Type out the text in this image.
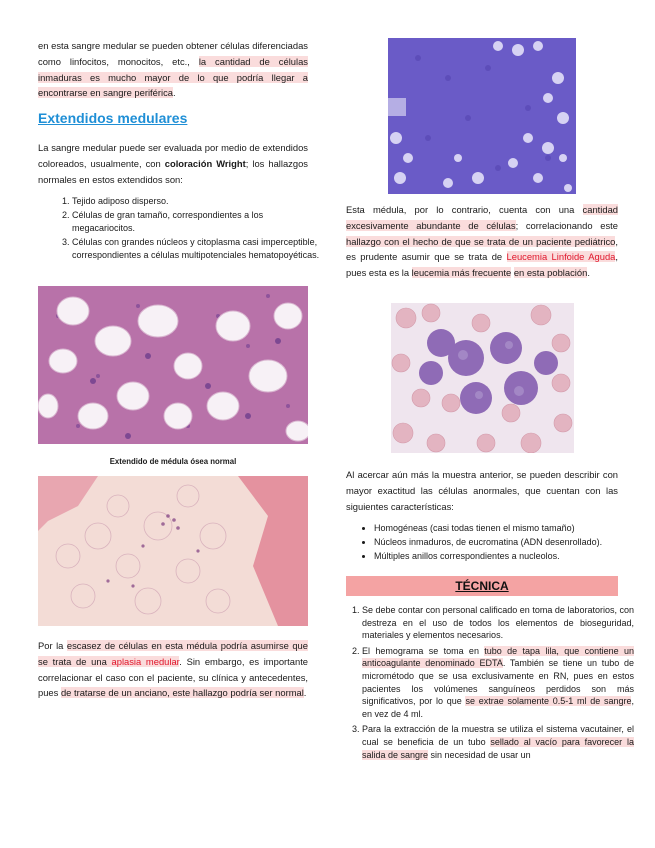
en esta sangre medular se pueden obtener células diferenciadas como linfocitos, monocitos, etc., la cantidad de células inmaduras es mucho mayor de lo que podría llegar a encontrarse en sangre periférica.

Extendidos medulares

La sangre medular puede ser evaluada por medio de extendidos coloreados, usualmente, con coloración Wright; los hallazgos normales en estos extendidos son:

1. Tejido adiposo disperso.
2. Células de gran tamaño, correspondientes a los megacariocitos.
3. Células con grandes núcleos y citoplasma casi imperceptible, correspondientes a células multipotenciales hematopoyéticas.
Extendido de médula ósea normal

Por la escasez de células en esta médula podría asumirse que se trata de una aplasia medular. Sin embargo, es importante correlacionar el caso con el paciente, su clínica y antecedentes, pues de tratarse de un anciano, este hallazgo podría ser normal.

Esta médula, por lo contrario, cuenta con una cantidad excesivamente abundante de células; correlacionando este hallazgo con el hecho de que se trata de un paciente pediátrico, es prudente asumir que se trata de Leucemia Linfoide Aguda, pues esta es la leucemia más frecuente en esta población.

Al acercar aún más la muestra anterior, se pueden describir con mayor exactitud las células anormales, que cuentan con las siguientes características:

• Homogéneas (casi todas tienen el mismo tamaño)
• Núcleos inmaduros, de eucromatina (ADN desenrollado).
• Múltiples anillos correspondientes a nucleolos.
TÉCNICA
1. Se debe contar con personal calificado en toma de laboratorios, con destreza en el uso de todos los elementos de bioseguridad, materiales y elementos necesarios.
2. El hemograma se toma en tubo de tapa lila, que contiene un anticoagulante denominado EDTA. También se tiene un tubo de micrométodo que se usa exclusivamente en RN, pues en estos pacientes los volúmenes sanguíneos perdidos son más significativos, por lo que se extrae solamente 0.5-1 ml de sangre, en vez de 4 ml.
3. Para la extracción de la muestra se utiliza el sistema vacutainer, el cual se beneficia de un tubo sellado al vacío para favorecer la salida de sangre sin necesidad de usar un
